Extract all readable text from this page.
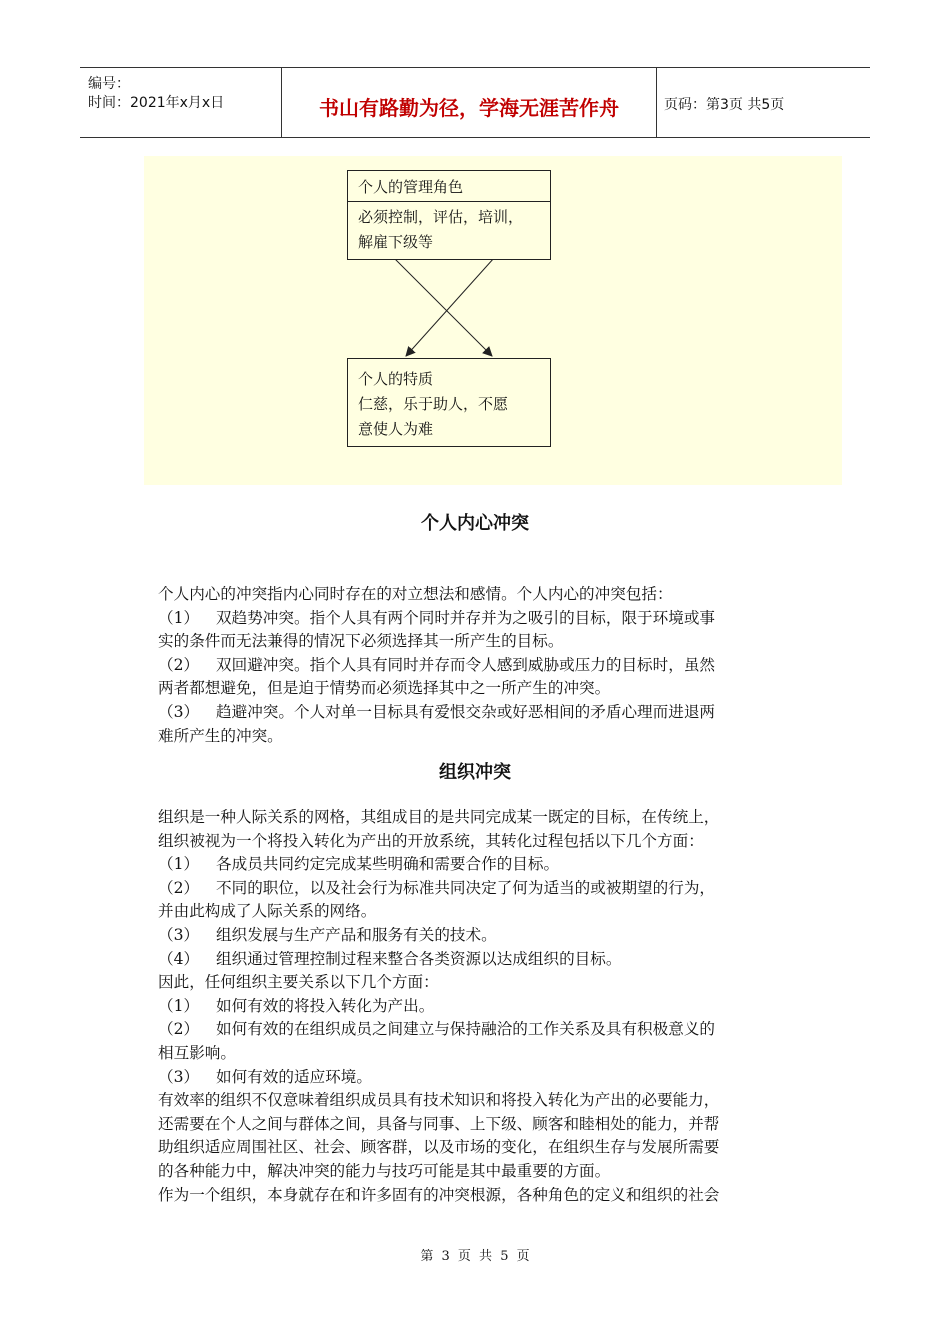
编号：
时间：2021年x月x日	书山有路勤为径，学海无涯苦作舟	页码：第3页 共5页
个人的管理角色
必须控制，评估，培训，
解雇下级等
个人的特质
仁慈，乐于助人，不愿
意使人为难
个人内心冲突
个人内心的冲突指内心同时存在的对立想法和感情。个人内心的冲突包括：
（1） 双趋势冲突。指个人具有两个同时并存并为之吸引的目标，限于环境或事
实的条件而无法兼得的情况下必须选择其一所产生的目标。
（2） 双回避冲突。指个人具有同时并存而令人感到威胁或压力的目标时，虽然
两者都想避免，但是迫于情势而必须选择其中之一所产生的冲突。
（3） 趋避冲突。个人对单一目标具有爱恨交杂或好恶相间的矛盾心理而进退两
难所产生的冲突。
组织冲突
组织是一种人际关系的网格，其组成目的是共同完成某一既定的目标，在传统上，
组织被视为一个将投入转化为产出的开放系统，其转化过程包括以下几个方面：
（1） 各成员共同约定完成某些明确和需要合作的目标。
（2） 不同的职位，以及社会行为标准共同决定了何为适当的或被期望的行为，
并由此构成了人际关系的网络。
（3） 组织发展与生产产品和服务有关的技术。
（4） 组织通过管理控制过程来整合各类资源以达成组织的目标。
因此，任何组织主要关系以下几个方面：
（1） 如何有效的将投入转化为产出。
（2） 如何有效的在组织成员之间建立与保持融洽的工作关系及具有积极意义的
相互影响。
（3） 如何有效的适应环境。
有效率的组织不仅意味着组织成员具有技术知识和将投入转化为产出的必要能力，
还需要在个人之间与群体之间，具备与同事、上下级、顾客和睦相处的能力，并帮
助组织适应周围社区、社会、顾客群，以及市场的变化，在组织生存与发展所需要
的各种能力中，解决冲突的能力与技巧可能是其中最重要的方面。
作为一个组织，本身就存在和许多固有的冲突根源，各种角色的定义和组织的社会
第 3 页 共 5 页
